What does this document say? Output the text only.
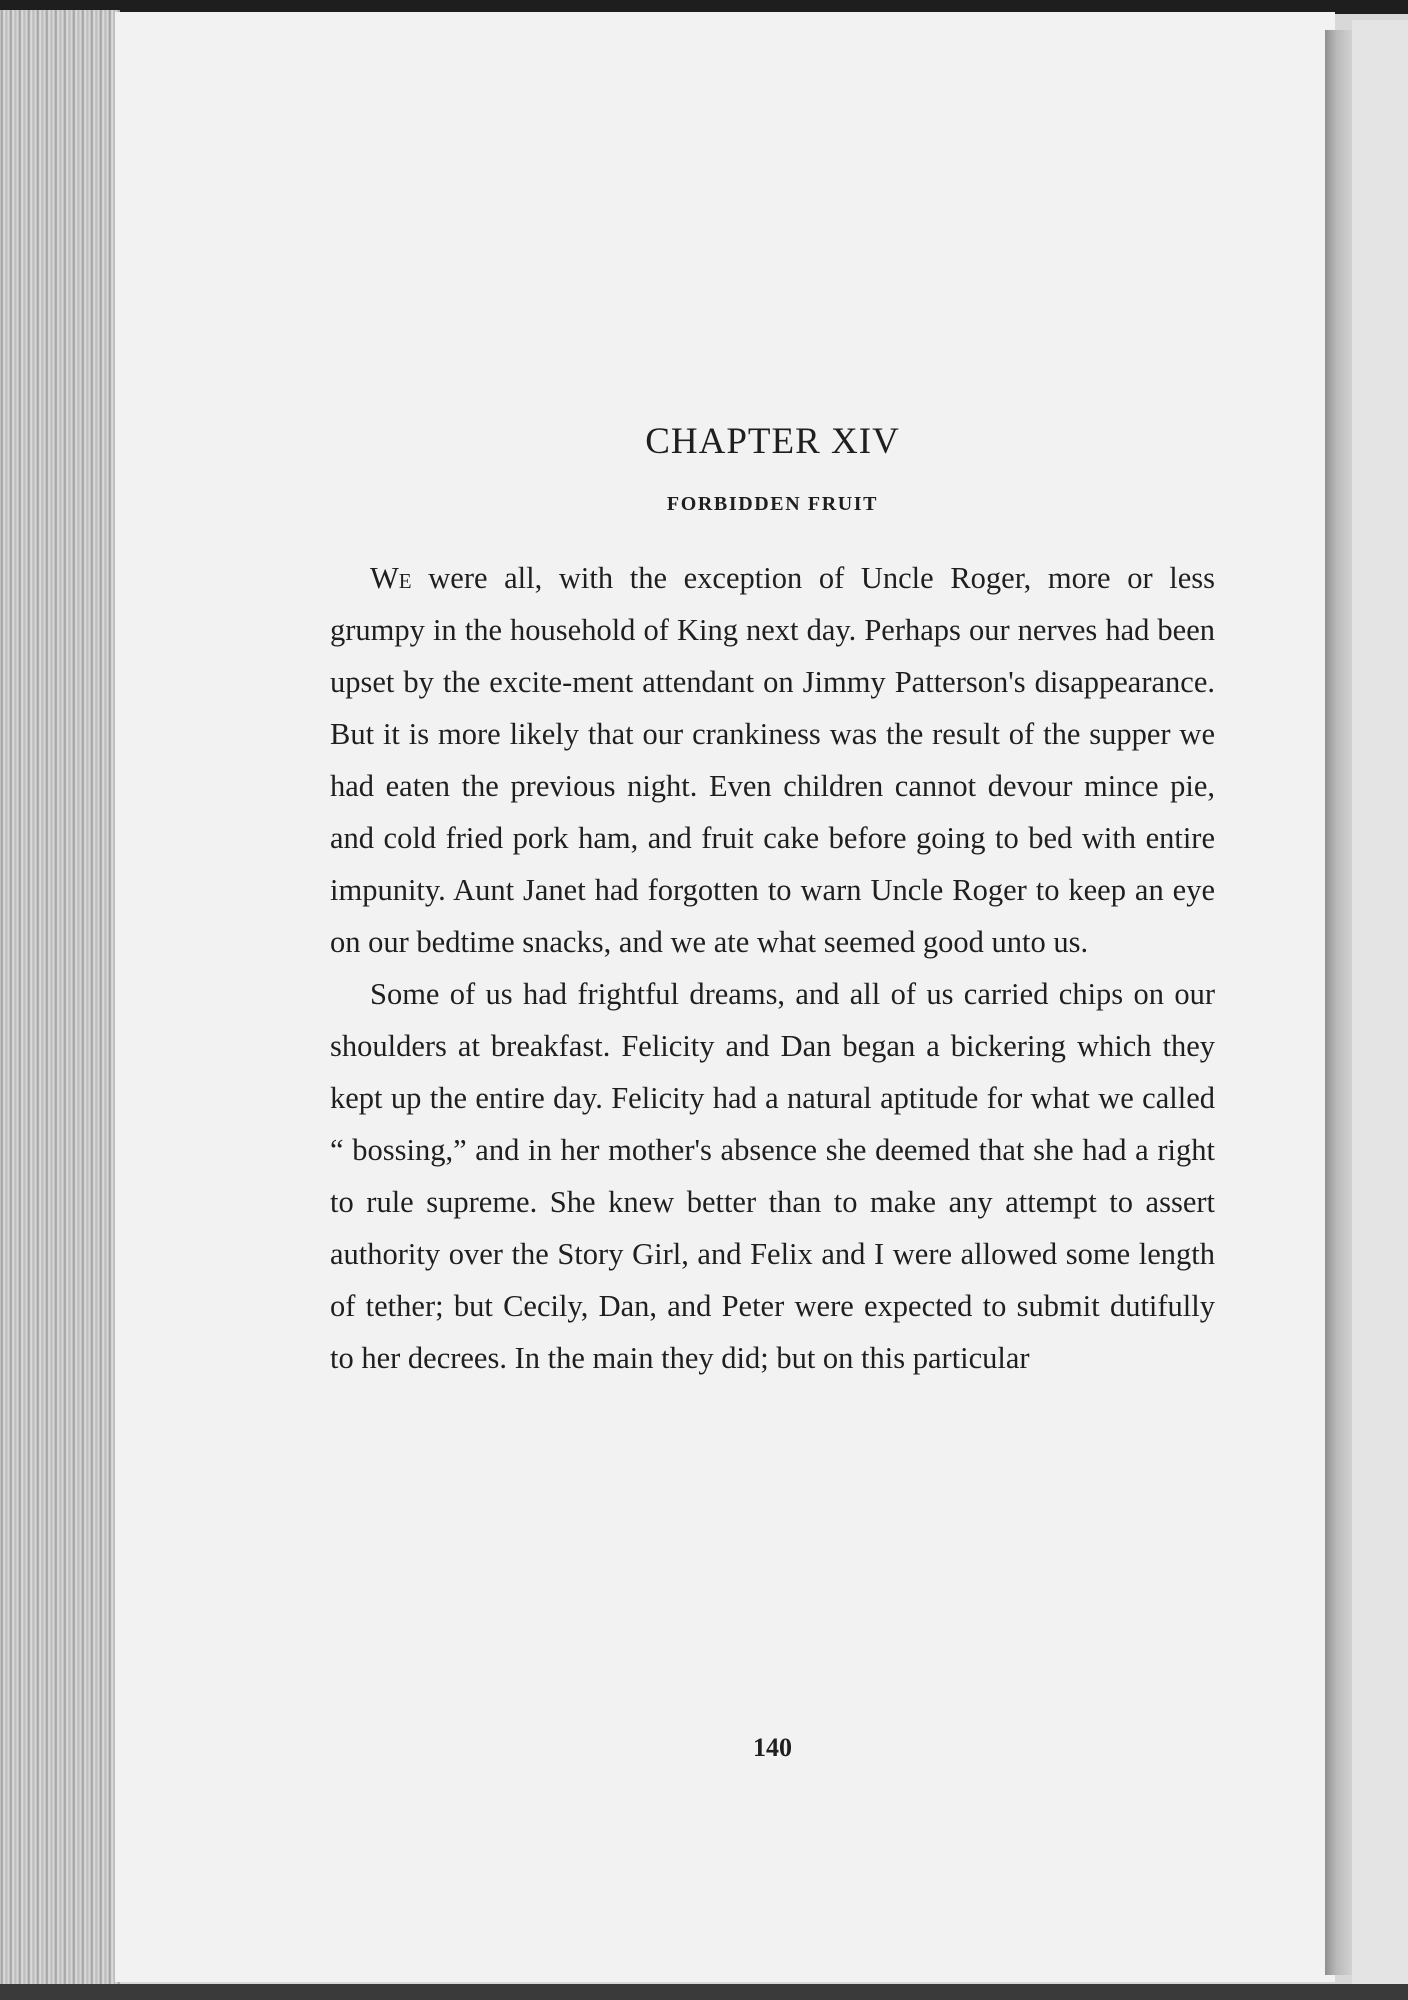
CHAPTER XIV
FORBIDDEN FRUIT

We were all, with the exception of Uncle Roger, more or less grumpy in the household of King next day. Perhaps our nerves had been upset by the excite-ment attendant on Jimmy Patterson's disappearance. But it is more likely that our crankiness was the result of the supper we had eaten the previous night. Even children cannot devour mince pie, and cold fried pork ham, and fruit cake before going to bed with entire impunity. Aunt Janet had forgotten to warn Uncle Roger to keep an eye on our bedtime snacks, and we ate what seemed good unto us.

Some of us had frightful dreams, and all of us carried chips on our shoulders at breakfast. Felicity and Dan began a bickering which they kept up the entire day. Felicity had a natural aptitude for what we called “ bossing,” and in her mother's absence she deemed that she had a right to rule supreme. She knew better than to make any attempt to assert authority over the Story Girl, and Felix and I were allowed some length of tether; but Cecily, Dan, and Peter were expected to submit dutifully to her decrees. In the main they did; but on this particular

140
